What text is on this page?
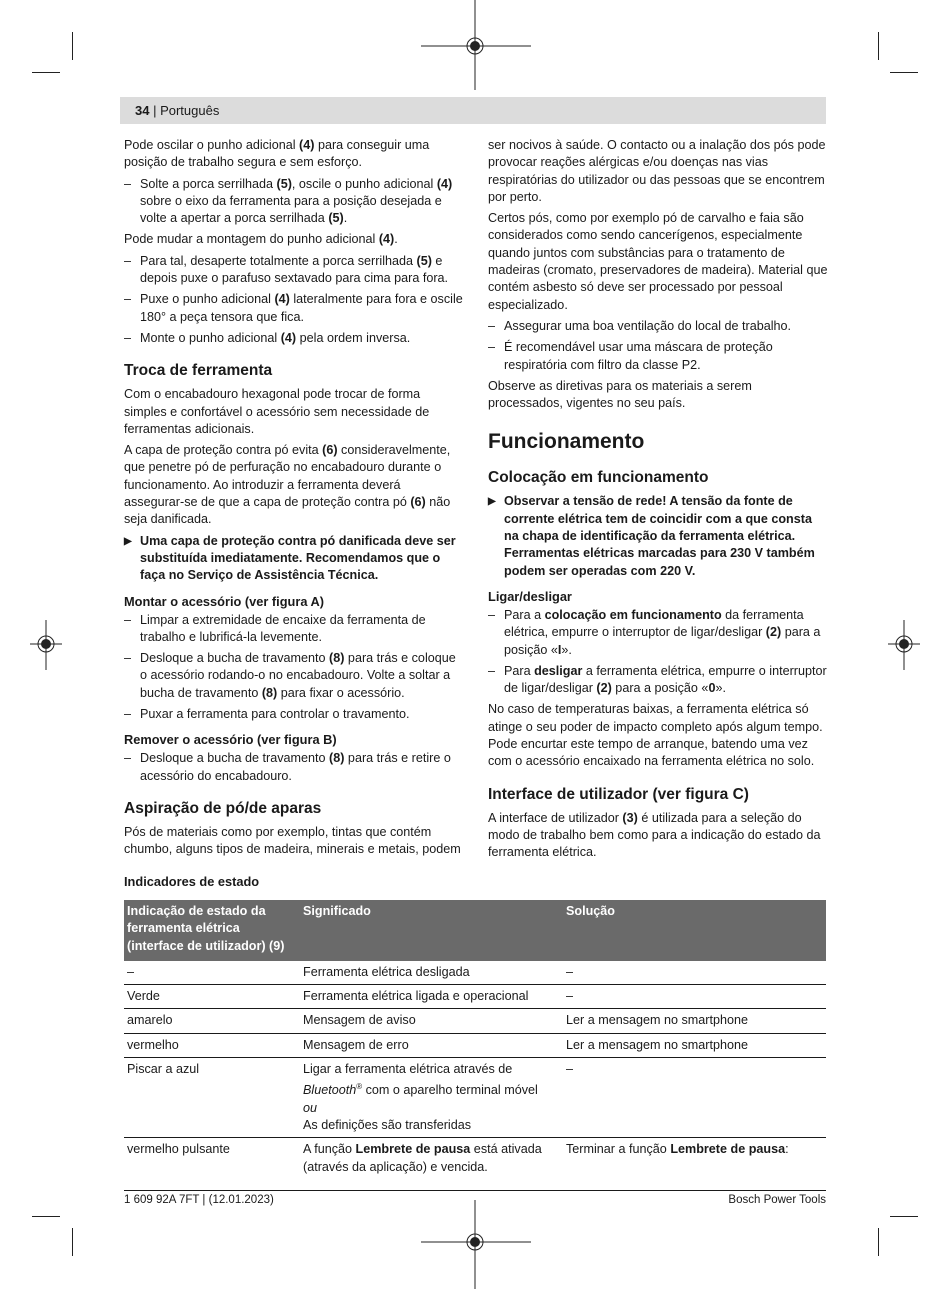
34 | Português

Pode oscilar o punho adicional (4) para conseguir uma posição de trabalho segura e sem esforço.

– Solte a porca serrilhada (5), oscile o punho adicional (4) sobre o eixo da ferramenta para a posição desejada e volte a apertar a porca serrilhada (5).

Pode mudar a montagem do punho adicional (4).

– Para tal, desaperte totalmente a porca serrilhada (5) e depois puxe o parafuso sextavado para cima para fora.
– Puxe o punho adicional (4) lateralmente para fora e oscile 180° a peça tensora que fica.
– Monte o punho adicional (4) pela ordem inversa.
Troca de ferramenta

Com o encabadouro hexagonal pode trocar de forma simples e confortável o acessório sem necessidade de ferramentas adicionais.

A capa de proteção contra pó evita (6) consideravelmente, que penetre pó de perfuração no encabadouro durante o funcionamento. Ao introduzir a ferramenta deverá assegurar-se de que a capa de proteção contra pó (6) não seja danificada.

▶ Uma capa de proteção contra pó danificada deve ser substituída imediatamente. Recomendamos que o faça no Serviço de Assistência Técnica.
Montar o acessório (ver figura A)
– Limpar a extremidade de encaixe da ferramenta de trabalho e lubrificá-la levemente.
– Desloque a bucha de travamento (8) para trás e coloque o acessório rodando-o no encabadouro. Volte a soltar a bucha de travamento (8) para fixar o acessório.
– Puxar a ferramenta para controlar o travamento.
Remover o acessório (ver figura B)
– Desloque a bucha de travamento (8) para trás e retire o acessório do encabadouro.
Aspiração de pó/de aparas

Pós de materiais como por exemplo, tintas que contém chumbo, alguns tipos de madeira, minerais e metais, podem

ser nocivos à saúde. O contacto ou a inalação dos pós pode provocar reações alérgicas e/ou doenças nas vias respiratórias do utilizador ou das pessoas que se encontrem por perto.

Certos pós, como por exemplo pó de carvalho e faia são considerados como sendo cancerígenos, especialmente quando juntos com substâncias para o tratamento de madeiras (cromato, preservadores de madeira). Material que contém asbesto só deve ser processado por pessoal especializado.

– Assegurar uma boa ventilação do local de trabalho.
– É recomendável usar uma máscara de proteção respiratória com filtro da classe P2.

Observe as diretivas para os materiais a serem processados, vigentes no seu país.

Funcionamento
Colocação em funcionamento
▶ Observar a tensão de rede! A tensão da fonte de corrente elétrica tem de coincidir com a que consta na chapa de identificação da ferramenta elétrica. Ferramentas elétricas marcadas para 230 V também podem ser operadas com 220 V.
Ligar/desligar
– Para a colocação em funcionamento da ferramenta elétrica, empurre o interruptor de ligar/desligar (2) para a posição «I».
– Para desligar a ferramenta elétrica, empurre o interruptor de ligar/desligar (2) para a posição «0».

No caso de temperaturas baixas, a ferramenta elétrica só atinge o seu poder de impacto completo após algum tempo. Pode encurtar este tempo de arranque, batendo uma vez com o acessório encaixado na ferramenta elétrica no solo.

Interface de utilizador (ver figura C)

A interface de utilizador (3) é utilizada para a seleção do modo de trabalho bem como para a indicação do estado da ferramenta elétrica.

Indicadores de estado
Indicação de estado da ferramenta elétrica (interface de utilizador) (9)	Significado	Solução
–	Ferramenta elétrica desligada	–
Verde	Ferramenta elétrica ligada e operacional	–
amarelo	Mensagem de aviso	Ler a mensagem no smartphone
vermelho	Mensagem de erro	Ler a mensagem no smartphone
Piscar a azul	Ligar a ferramenta elétrica através de Bluetooth® com o aparelho terminal móvel
ou
As definições são transferidas	–
vermelho pulsante	A função Lembrete de pausa está ativada (através da aplicação) e vencida.	Terminar a função Lembrete de pausa:
1 609 92A 7FT | (12.01.2023)	Bosch Power Tools
